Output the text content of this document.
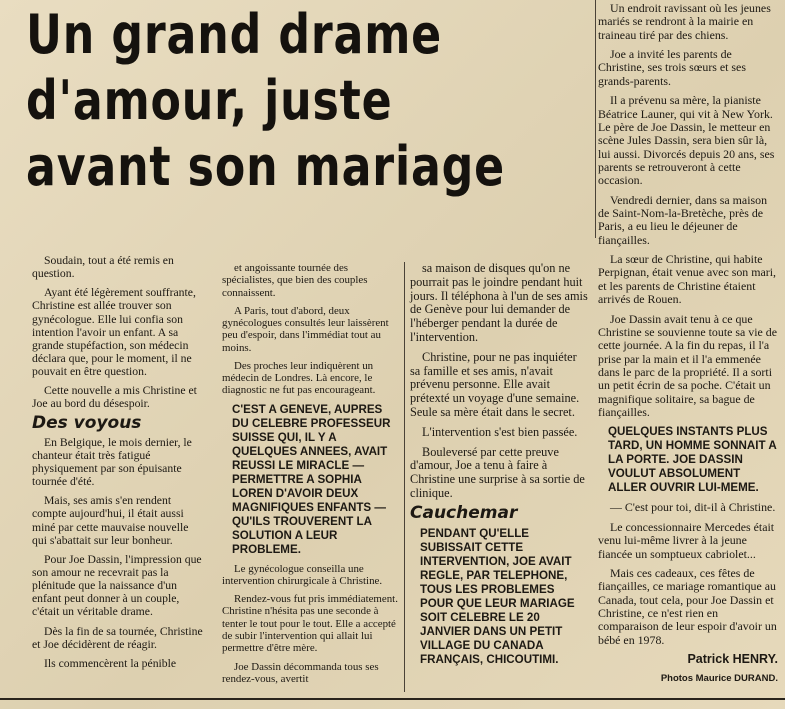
Un grand drame
d'amour, juste
avant son mariage

Soudain, tout a été remis en question.

Ayant été légèrement souffrante, Christine est allée trouver son gynécologue. Elle lui confia son intention l'avoir un enfant. A sa grande stupéfaction, son médecin déclara que, pour le moment, il ne pouvait en être question.

Cette nouvelle a mis Christine et Joe au bord du désespoir.

Des voyous

En Belgique, le mois dernier, le chanteur était très fatigué physiquement par son épuisante tournée d'été.

Mais, ses amis s'en rendent compte aujourd'hui, il était aussi miné par cette mauvaise nouvelle qui s'abattait sur leur bonheur.

Pour Joe Dassin, l'impression que son amour ne recevrait pas la plénitude que la naissance d'un enfant peut donner à un couple, c'était un véritable drame.

Dès la fin de sa tournée, Christine et Joe décidèrent de réagir.

Ils commencèrent la pénible

et angoissante tournée des spécialistes, que bien des couples connaissent.

A Paris, tout d'abord, deux gynécologues consultés leur laissèrent peu d'espoir, dans l'immédiat tout au moins.

Des proches leur indiquèrent un médecin de Londres. Là encore, le diagnostic ne fut pas encourageant.

C'EST A GENEVE, AUPRES DU CELEBRE PROFESSEUR SUISSE QUI, IL Y A QUELQUES ANNEES, AVAIT REUSSI LE MIRACLE — PERMETTRE A SOPHIA LOREN D'AVOIR DEUX MAGNIFIQUES ENFANTS — QU'ILS TROUVERENT LA SOLUTION A LEUR PROBLEME.

Le gynécologue conseilla une intervention chirurgicale à Christine.

Rendez-vous fut pris immédiatement. Christine n'hésita pas une seconde à tenter le tout pour le tout. Elle a accepté de subir l'intervention qui allait lui permettre d'être mère.

Joe Dassin décommanda tous ses rendez-vous, avertit

sa maison de disques qu'on ne pourrait pas le joindre pendant huit jours. Il téléphona à l'un de ses amis de Genève pour lui demander de l'héberger pendant la durée de l'intervention.

Christine, pour ne pas inquiéter sa famille et ses amis, n'avait prévenu personne. Elle avait prétexté un voyage d'une semaine. Seule sa mère était dans le secret.

L'intervention s'est bien passée.

Bouleversé par cette preuve d'amour, Joe a tenu à faire à Christine une surprise à sa sortie de clinique.

Cauchemar

PENDANT QU'ELLE SUBISSAIT CETTE INTERVENTION, JOE AVAIT REGLE, PAR TELEPHONE, TOUS LES PROBLEMES POUR QUE LEUR MARIAGE SOIT CELEBRE LE 20 JANVIER DANS UN PETIT VILLAGE DU CANADA FRANÇAIS, CHICOUTIMI.

Un endroit ravissant où les jeunes mariés se rendront à la mairie en traineau tiré par des chiens.

Joe a invité les parents de Christine, ses trois sœurs et ses grands-parents.

Il a prévenu sa mère, la pianiste Béatrice Launer, qui vit à New York. Le père de Joe Dassin, le metteur en scène Jules Dassin, sera bien sûr là, lui aussi. Divorcés depuis 20 ans, ses parents se retrouveront à cette occasion.

Vendredi dernier, dans sa maison de Saint-Nom-la-Bretèche, près de Paris, a eu lieu le déjeuner de fiançailles.

La sœur de Christine, qui habite Perpignan, était venue avec son mari, et les parents de Christine étaient arrivés de Rouen.

Joe Dassin avait tenu à ce que Christine se souvienne toute sa vie de cette journée. A la fin du repas, il l'a prise par la main et il l'a emmenée dans le parc de la propriété. Il a sorti un petit écrin de sa poche. C'était un magnifique solitaire, sa bague de fiançailles.

QUELQUES INSTANTS PLUS TARD, UN HOMME SONNAIT A LA PORTE. JOE DASSIN VOULUT ABSOLUMENT ALLER OUVRIR LUI-MEME.

— C'est pour toi, dit-il à Christine.

Le concessionnaire Mercedes était venu lui-même livrer à la jeune fiancée un somptueux cabriolet...

Mais ces cadeaux, ces fêtes de fiançailles, ce mariage romantique au Canada, tout cela, pour Joe Dassin et Christine, ce n'est rien en comparaison de leur espoir d'avoir un bébé en 1978.

Patrick HENRY.

Photos Maurice DURAND.
